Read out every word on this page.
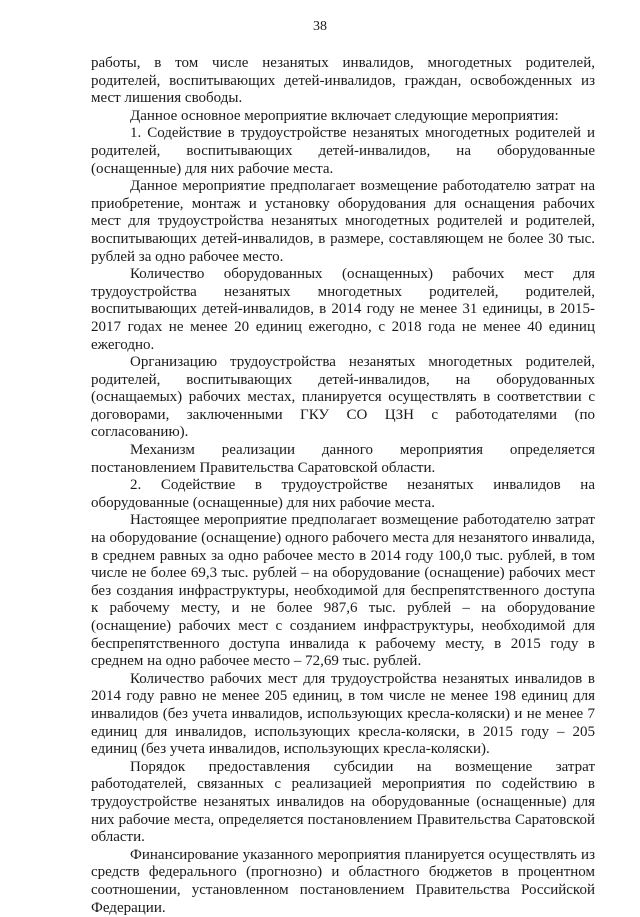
38

работы, в том числе незанятых инвалидов, многодетных родителей, родителей, воспитывающих детей-инвалидов, граждан, освобожденных из мест лишения свободы.

Данное основное мероприятие включает следующие мероприятия:

1. Содействие в трудоустройстве незанятых многодетных родителей и родителей, воспитывающих детей-инвалидов, на оборудованные (оснащенные) для них рабочие места.

Данное мероприятие предполагает возмещение работодателю затрат на приобретение, монтаж и установку оборудования для оснащения рабочих мест для трудоустройства незанятых многодетных родителей и родителей, воспитывающих детей-инвалидов, в размере, составляющем не более 30 тыс. рублей за одно рабочее место.

Количество оборудованных (оснащенных) рабочих мест для трудоустройства незанятых многодетных родителей, родителей, воспитывающих детей-инвалидов, в 2014 году не менее 31 единицы, в 2015-2017 годах не менее 20 единиц ежегодно, с 2018 года не менее 40 единиц ежегодно.

Организацию трудоустройства незанятых многодетных родителей, родителей, воспитывающих детей-инвалидов, на оборудованных (оснащаемых) рабочих местах, планируется осуществлять в соответствии с договорами, заключенными ГКУ СО ЦЗН с работодателями (по согласованию).

Механизм реализации данного мероприятия определяется постановлением Правительства Саратовской области.

2. Содействие в трудоустройстве незанятых инвалидов на оборудованные (оснащенные) для них рабочие места.

Настоящее мероприятие предполагает возмещение работодателю затрат на оборудование (оснащение) одного рабочего места для незанятого инвалида, в среднем равных за одно рабочее место в 2014 году 100,0 тыс. рублей, в том числе не более 69,3 тыс. рублей – на оборудование (оснащение) рабочих мест без создания инфраструктуры, необходимой для беспрепятственного доступа к рабочему месту, и не более 987,6 тыс. рублей – на оборудование (оснащение) рабочих мест с созданием инфраструктуры, необходимой для беспрепятственного доступа инвалида к рабочему месту, в 2015 году в среднем на одно рабочее место – 72,69 тыс. рублей.

Количество рабочих мест для трудоустройства незанятых инвалидов в 2014 году равно не менее 205 единиц, в том числе не менее 198 единиц для инвалидов (без учета инвалидов, использующих кресла-коляски) и не менее 7 единиц для инвалидов, использующих кресла-коляски, в 2015 году – 205 единиц (без учета инвалидов, использующих кресла-коляски).

Порядок предоставления субсидии на возмещение затрат работодателей, связанных с реализацией мероприятия по содействию в трудоустройстве незанятых инвалидов на оборудованные (оснащенные) для них рабочие места, определяется постановлением Правительства Саратовской области.

Финансирование указанного мероприятия планируется осуществлять из средств федерального (прогнозно) и областного бюджетов в процентном соотношении, установленном постановлением Правительства Российской Федерации.
